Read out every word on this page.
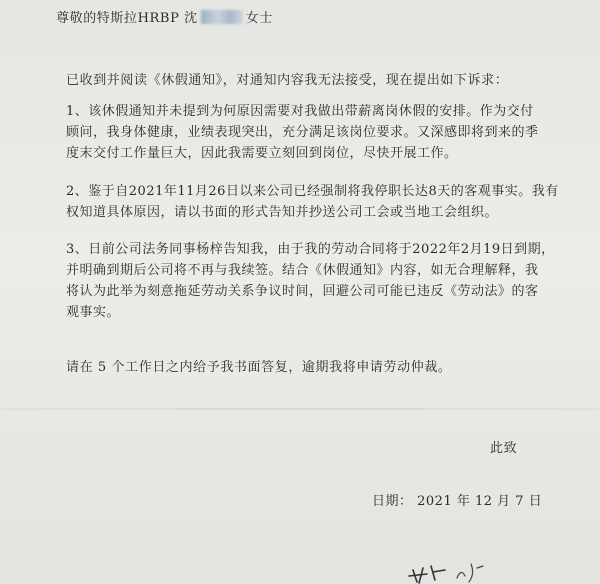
尊敬的特斯拉HRBP 沈	女士
已收到并阅读《休假通知》，对通知内容我无法接受，现在提出如下诉求：
1、该休假通知并未提到为何原因需要对我做出带薪离岗休假的安排。作为交付
顾问，我身体健康，业绩表现突出，充分满足该岗位要求。又深感即将到来的季
度末交付工作量巨大，因此我需要立刻回到岗位，尽快开展工作。
2、鉴于自2021年11月26日以来公司已经强制将我停职长达8天的客观事实。我有
权知道具体原因，请以书面的形式告知并抄送公司工会或当地工会组织。
3、日前公司法务同事杨梓告知我，由于我的劳动合同将于2022年2月19日到期，
并明确到期后公司将不再与我续签。结合《休假通知》内容，如无合理解释，我
将认为此举为刻意拖延劳动关系争议时间，回避公司可能已违反《劳动法》的客
观事实。
请在 5 个工作日之内给予我书面答复，逾期我将申请劳动仲裁。
此致
日期： 2021 年 12 月 7 日
